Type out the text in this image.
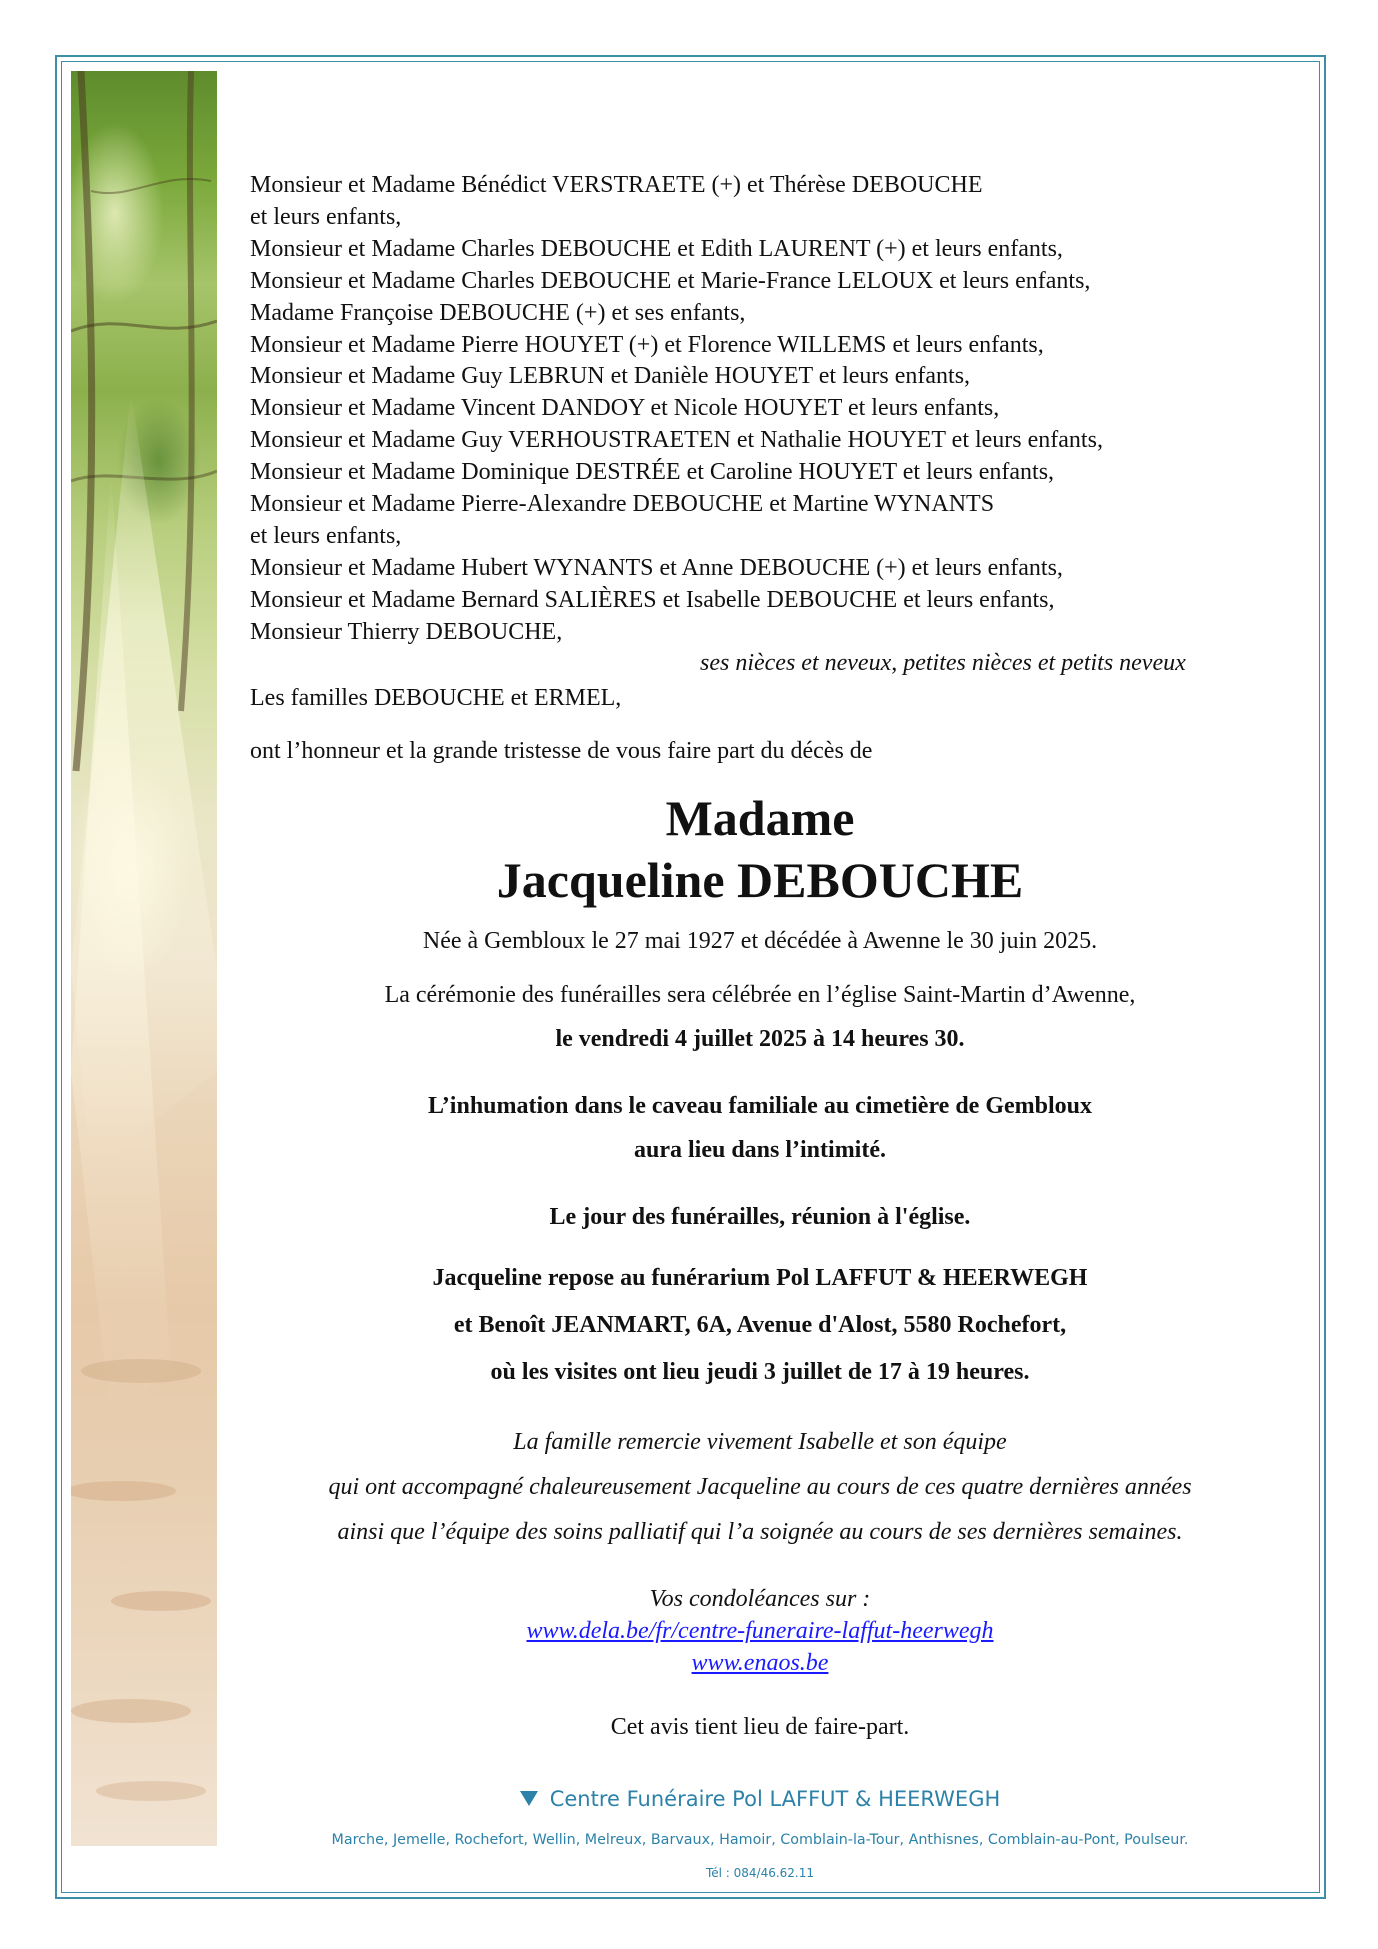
Monsieur et Madame Bénédict VERSTRAETE (+) et Thérèse DEBOUCHE
et leurs enfants,
Monsieur et Madame Charles DEBOUCHE et Edith LAURENT (+) et leurs enfants,
Monsieur et Madame Charles DEBOUCHE et Marie-France LELOUX et leurs enfants,
Madame Françoise DEBOUCHE (+) et ses enfants,
Monsieur et Madame Pierre HOUYET (+) et Florence WILLEMS et leurs enfants,
Monsieur et Madame Guy LEBRUN et Danièle HOUYET et leurs enfants,
Monsieur et Madame Vincent DANDOY et Nicole HOUYET et leurs enfants,
Monsieur et Madame Guy VERHOUSTRAETEN et Nathalie HOUYET et leurs enfants,
Monsieur et Madame Dominique DESTRÉE et Caroline HOUYET et leurs enfants,
Monsieur et Madame Pierre-Alexandre DEBOUCHE et Martine WYNANTS
et leurs enfants,
Monsieur et Madame Hubert WYNANTS et Anne DEBOUCHE (+) et leurs enfants,
Monsieur et Madame Bernard SALIÈRES et Isabelle DEBOUCHE et leurs enfants,
Monsieur Thierry DEBOUCHE,
ses nièces et neveux, petites nièces et petits neveux
Les familles DEBOUCHE et ERMEL,
ont l’honneur et la grande tristesse de vous faire part du décès de
Madame
Jacqueline DEBOUCHE
Née à Gembloux le 27 mai 1927 et décédée à Awenne le 30 juin 2025.
La cérémonie des funérailles sera célébrée en l’église Saint-Martin d’Awenne,
le vendredi 4 juillet 2025 à 14 heures 30.
L’inhumation dans le caveau familiale au cimetière de Gembloux
aura lieu dans l’intimité.
Le jour des funérailles, réunion à l'église.
Jacqueline repose au funérarium Pol LAFFUT & HEERWEGH
et Benoît JEANMART, 6A, Avenue d'Alost, 5580 Rochefort,
où les visites ont lieu jeudi 3 juillet de 17 à 19 heures.
La famille remercie vivement Isabelle et son équipe
qui ont accompagné chaleureusement Jacqueline au cours de ces quatre dernières années
ainsi que l’équipe des soins palliatif qui l’a soignée au cours de ses dernières semaines.
Vos condoléances sur :
www.dela.be/fr/centre-funeraire-laffut-heerwegh
www.enaos.be
Cet avis tient lieu de faire-part.
Centre Funéraire Pol LAFFUT & HEERWEGH
Marche, Jemelle, Rochefort, Wellin, Melreux, Barvaux, Hamoir, Comblain-la-Tour, Anthisnes, Comblain-au-Pont, Poulseur.
Tél : 084/46.62.11
